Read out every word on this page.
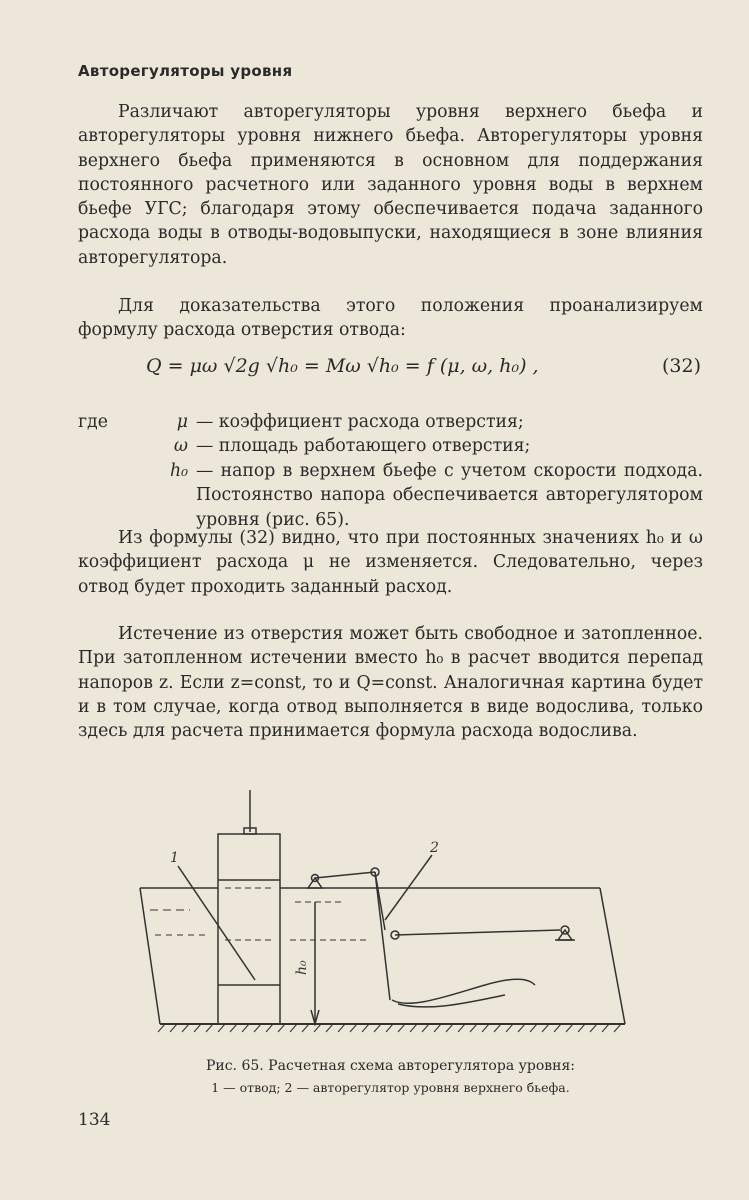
Авторегуляторы уровня

Различают авторегуляторы уровня верхнего бьефа и авторегуляторы уровня нижнего бьефа. Авторегуляторы уровня верхнего бьефа применяются в основном для поддержания постоянного расчетного или заданного уровня воды в верхнем бьефе УГС; благодаря этому обеспечивается подача заданного расхода воды в отводы-водовыпуски, находящиеся в зоне влияния авторегулятора.

Для доказательства этого положения проанализируем формулу расхода отверстия отвода:

Q = μω √2g √h₀ = Mω √h₀ = f (μ, ω, h₀) ,	(32)
где	μ — коэффициент расхода отверстия;
ω — площадь работающего отверстия;
h₀ — напор в верхнем бьефе с учетом скорости подхода. Постоянство напора обеспечивается авторегулятором уровня (рис. 65).

Из формулы (32) видно, что при постоянных значениях h₀ и ω коэффициент расхода μ не изменяется. Следовательно, через отвод будет проходить заданный расход.

Истечение из отверстия может быть свободное и затопленное. При затопленном истечении вместо h₀ в расчет вводится перепад напоров z. Если z=const, то и Q=const. Аналогичная картина будет и в том случае, когда отвод выполняется в виде водослива, только здесь для расчета принимается формула расхода водослива.

1
2
h₀
Рис. 65. Расчетная схема авторегулятора уровня:
1 — отвод; 2 — авторегулятор уровня верхнего бьефа.
134
